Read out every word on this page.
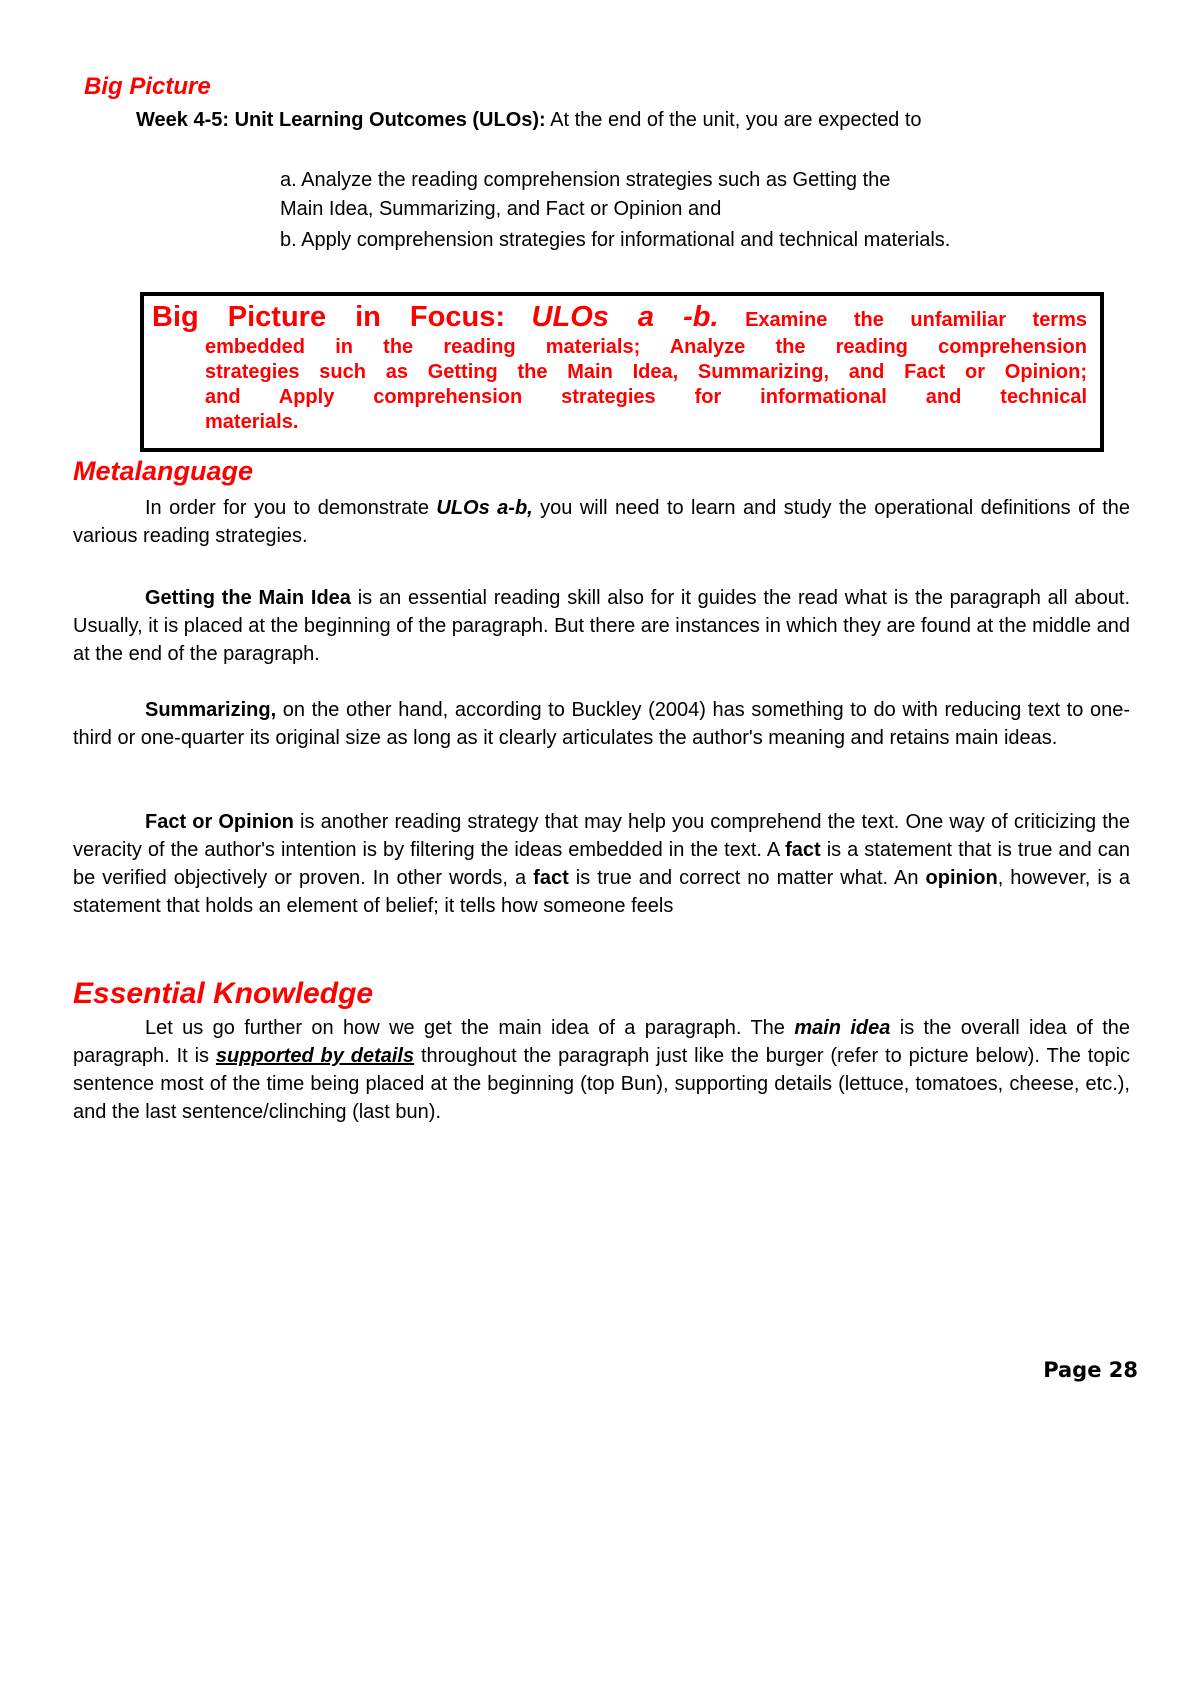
Big Picture
Week 4-5: Unit Learning Outcomes (ULOs): At the end of the unit, you are expected to
a. Analyze the reading comprehension strategies such as Getting the
Main Idea, Summarizing, and Fact or Opinion and
b. Apply comprehension strategies for informational and technical materials.
Big Picture in Focus: ULOs a -b. Examine the unfamiliar terms
embedded in the reading materials; Analyze the reading comprehension
strategies such as Getting the Main Idea, Summarizing, and Fact or Opinion;
and Apply comprehension strategies for informational and technical
materials.
Metalanguage
In order for you to demonstrate ULOs a-b, you will need to learn and study the operational definitions of the various reading strategies.
Getting the Main Idea is an essential reading skill also for it guides the read what is the paragraph all about. Usually, it is placed at the beginning of the paragraph. But there are instances in which they are found at the middle and at the end of the paragraph.
Summarizing, on the other hand, according to Buckley (2004) has something to do with reducing text to one-third or one-quarter its original size as long as it clearly articulates the author's meaning and retains main ideas.
Fact or Opinion is another reading strategy that may help you comprehend the text. One way of criticizing the veracity of the author's intention is by filtering the ideas embedded in the text. A fact is a statement that is true and can be verified objectively or proven. In other words, a fact is true and correct no matter what. An opinion, however, is a statement that holds an element of belief; it tells how someone feels
Essential Knowledge
Let us go further on how we get the main idea of a paragraph. The main idea is the overall idea of the paragraph. It is supported by details throughout the paragraph just like the burger (refer to picture below). The topic sentence most of the time being placed at the beginning (top Bun), supporting details (lettuce, tomatoes, cheese, etc.), and the last sentence/clinching (last bun).
Page 28
